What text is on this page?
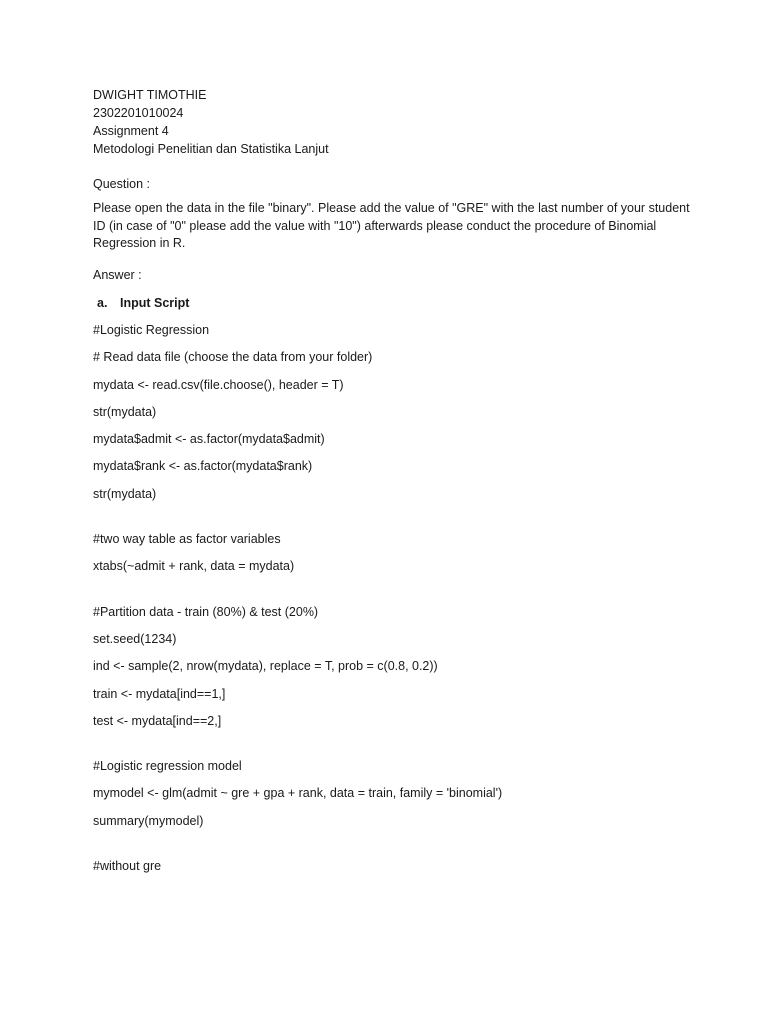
DWIGHT TIMOTHIE
2302201010024
Assignment 4
Metodologi Penelitian dan Statistika Lanjut
Question :

Please open the data in the file "binary". Please add the value of "GRE" with the last number of your student ID (in case of "0" please add the value with "10") afterwards please conduct the procedure of Binomial Regression in R.

Answer :
a.	Input Script
#Logistic Regression
# Read data file (choose the data from your folder)
mydata <- read.csv(file.choose(), header = T)
str(mydata)
mydata$admit <- as.factor(mydata$admit)
mydata$rank <- as.factor(mydata$rank)
str(mydata)
#two way table as factor variables
xtabs(~admit + rank, data = mydata)
#Partition data - train (80%) & test (20%)
set.seed(1234)
ind <- sample(2, nrow(mydata), replace = T, prob = c(0.8, 0.2))
train <- mydata[ind==1,]
test <- mydata[ind==2,]
#Logistic regression model
mymodel <- glm(admit ~ gre + gpa + rank, data = train, family = 'binomial')
summary(mymodel)
#without gre
